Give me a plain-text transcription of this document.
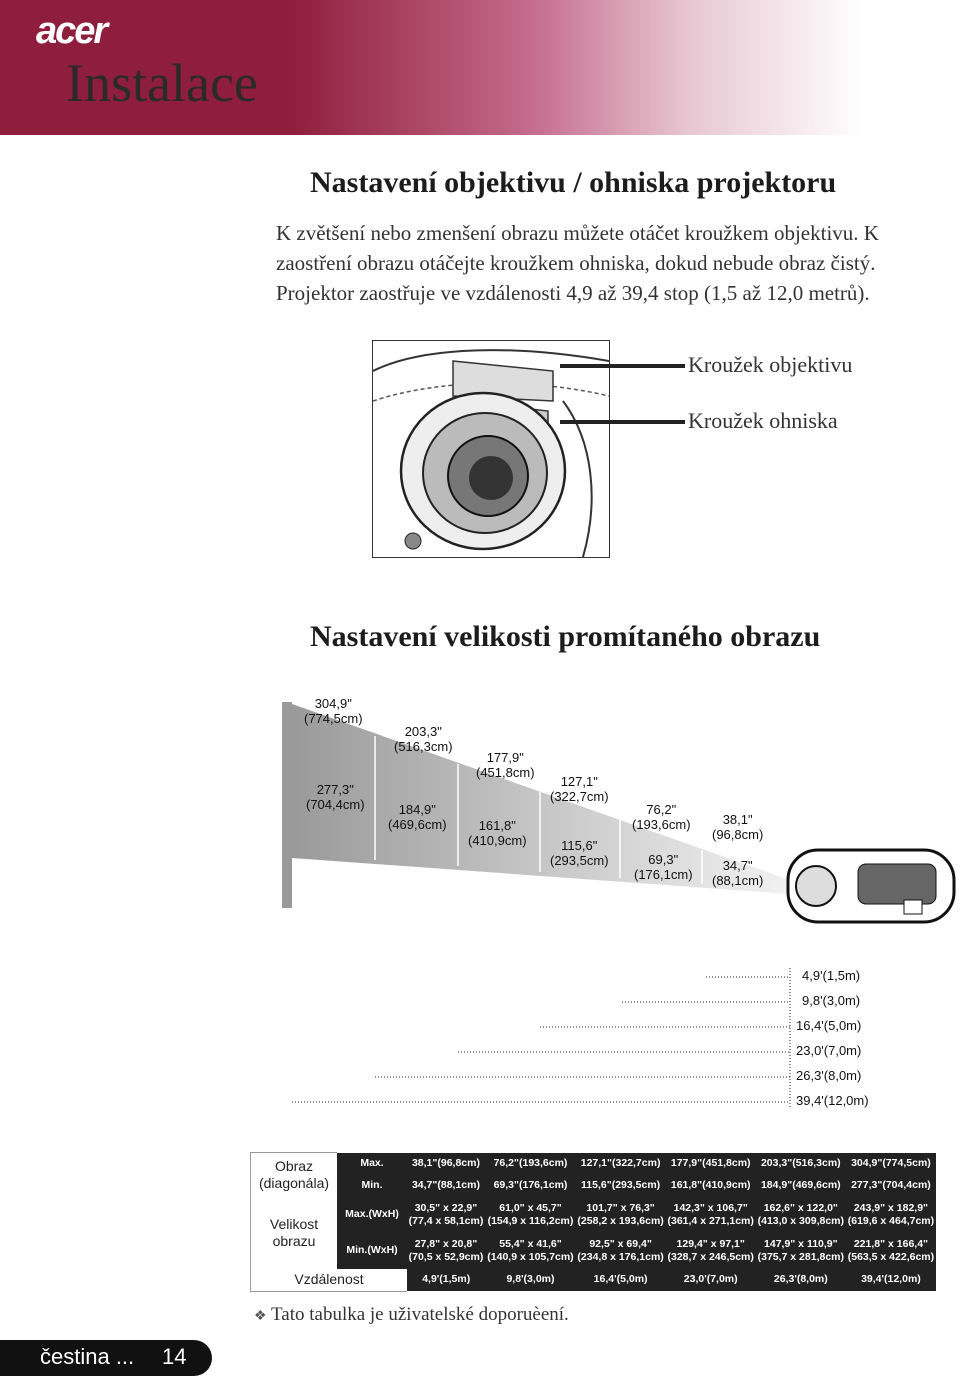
acer
Instalace
Nastavení objektivu / ohniska projektoru
K zvětšení nebo zmenšení obrazu můžete otáčet kroužkem objektivu. K zaostření obrazu otáčejte kroužkem ohniska, dokud nebude obraz čistý. Projektor zaostřuje ve vzdálenosti 4,9 až 39,4 stop (1,5 až 12,0 metrů).
Kroužek objektivu
Kroužek ohniska
Nastavení velikosti promítaného obrazu
304,9"
(774,5cm)
203,3"
(516,3cm)
177,9"
(451,8cm)
127,1"
(322,7cm)
76,2"
(193,6cm)	38,1"
(96,8cm)
277,3"
(704,4cm)	184,9"
(469,6cm)	161,8"
(410,9cm)	115,6"
(293,5cm)	69,3"
(176,1cm)
34,7"
(88,1cm)
4,9'(1,5m)
9,8'(3,0m)
16,4'(5,0m)
23,0'(7,0m)
26,3'(8,0m)
39,4'(12,0m)
Obraz (diagonála)	Max.	38,1"(96,8cm)	76,2"(193,6cm)	127,1"(322,7cm)	177,9"(451,8cm)	203,3"(516,3cm)	304,9"(774,5cm)
	Min.	34,7"(88,1cm)	69,3"(176,1cm)	115,6"(293,5cm)	161,8"(410,9cm)	184,9"(469,6cm)	277,3"(704,4cm)
Velikost obrazu	Max.(WxH)	30,5" x 22,9"
(77,4 x 58,1cm)	61,0" x 45,7"
(154,9 x 116,2cm)	101,7" x 76,3"
(258,2 x 193,6cm)	142,3" x 106,7"
(361,4 x 271,1cm)	162,6" x 122,0"
(413,0 x 309,8cm)	243,9" x 182,9"
(619,6 x 464,7cm)
	Min.(WxH)	27,8" x 20,8"
(70,5 x 52,9cm)	55,4" x 41,6"
(140,9 x 105,7cm)	92,5" x 69,4"
(234,8 x 176,1cm)	129,4" x 97,1"
(328,7 x 246,5cm)	147,9" x 110,9"
(375,7 x 281,8cm)	221,8" x 166,4"
(563,5 x 422,6cm)
Vzdálenost		4,9'(1,5m)	9,8'(3,0m)	16,4'(5,0m)	23,0'(7,0m)	26,3'(8,0m)	39,4'(12,0m)
❖ Tato tabulka je uživatelské doporuèení.
čestina ... 14
